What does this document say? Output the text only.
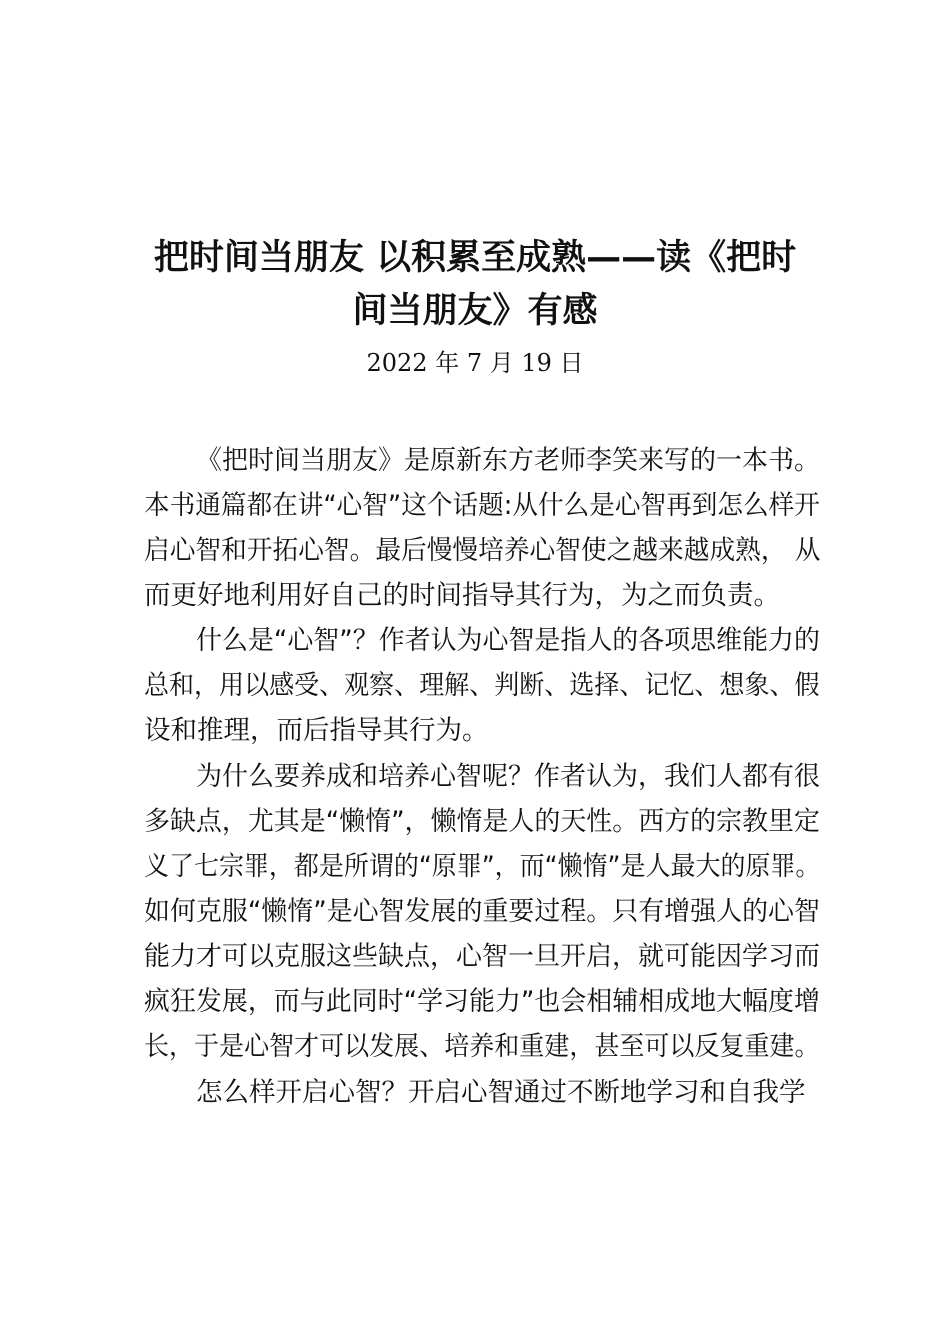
把时间当朋友 以积累至成熟——读《把时
间当朋友》有感
2022 年 7 月 19 日
《把时间当朋友》是原新东方老师李笑来写的一本书。
本书通篇都在讲“心智”这个话题:从什么是心智再到怎么样开
启心智和开拓心智。最后慢慢培养心智使之越来越成熟， 从
而更好地利用好自己的时间指导其行为，为之而负责。
什么是“心智”？作者认为心智是指人的各项思维能力的
总和，用以感受、观察、理解、判断、选择、记忆、想象、假
设和推理，而后指导其行为。
为什么要养成和培养心智呢？作者认为，我们人都有很
多缺点，尤其是“懒惰”，懒惰是人的天性。西方的宗教里定
义了七宗罪，都是所谓的“原罪”，而“懒惰”是人最大的原罪。
如何克服“懒惰”是心智发展的重要过程。只有增强人的心智
能力才可以克服这些缺点，心智一旦开启，就可能因学习而
疯狂发展，而与此同时“学习能力”也会相辅相成地大幅度增
长，于是心智才可以发展、培养和重建，甚至可以反复重建。
怎么样开启心智？开启心智通过不断地学习和自我学
